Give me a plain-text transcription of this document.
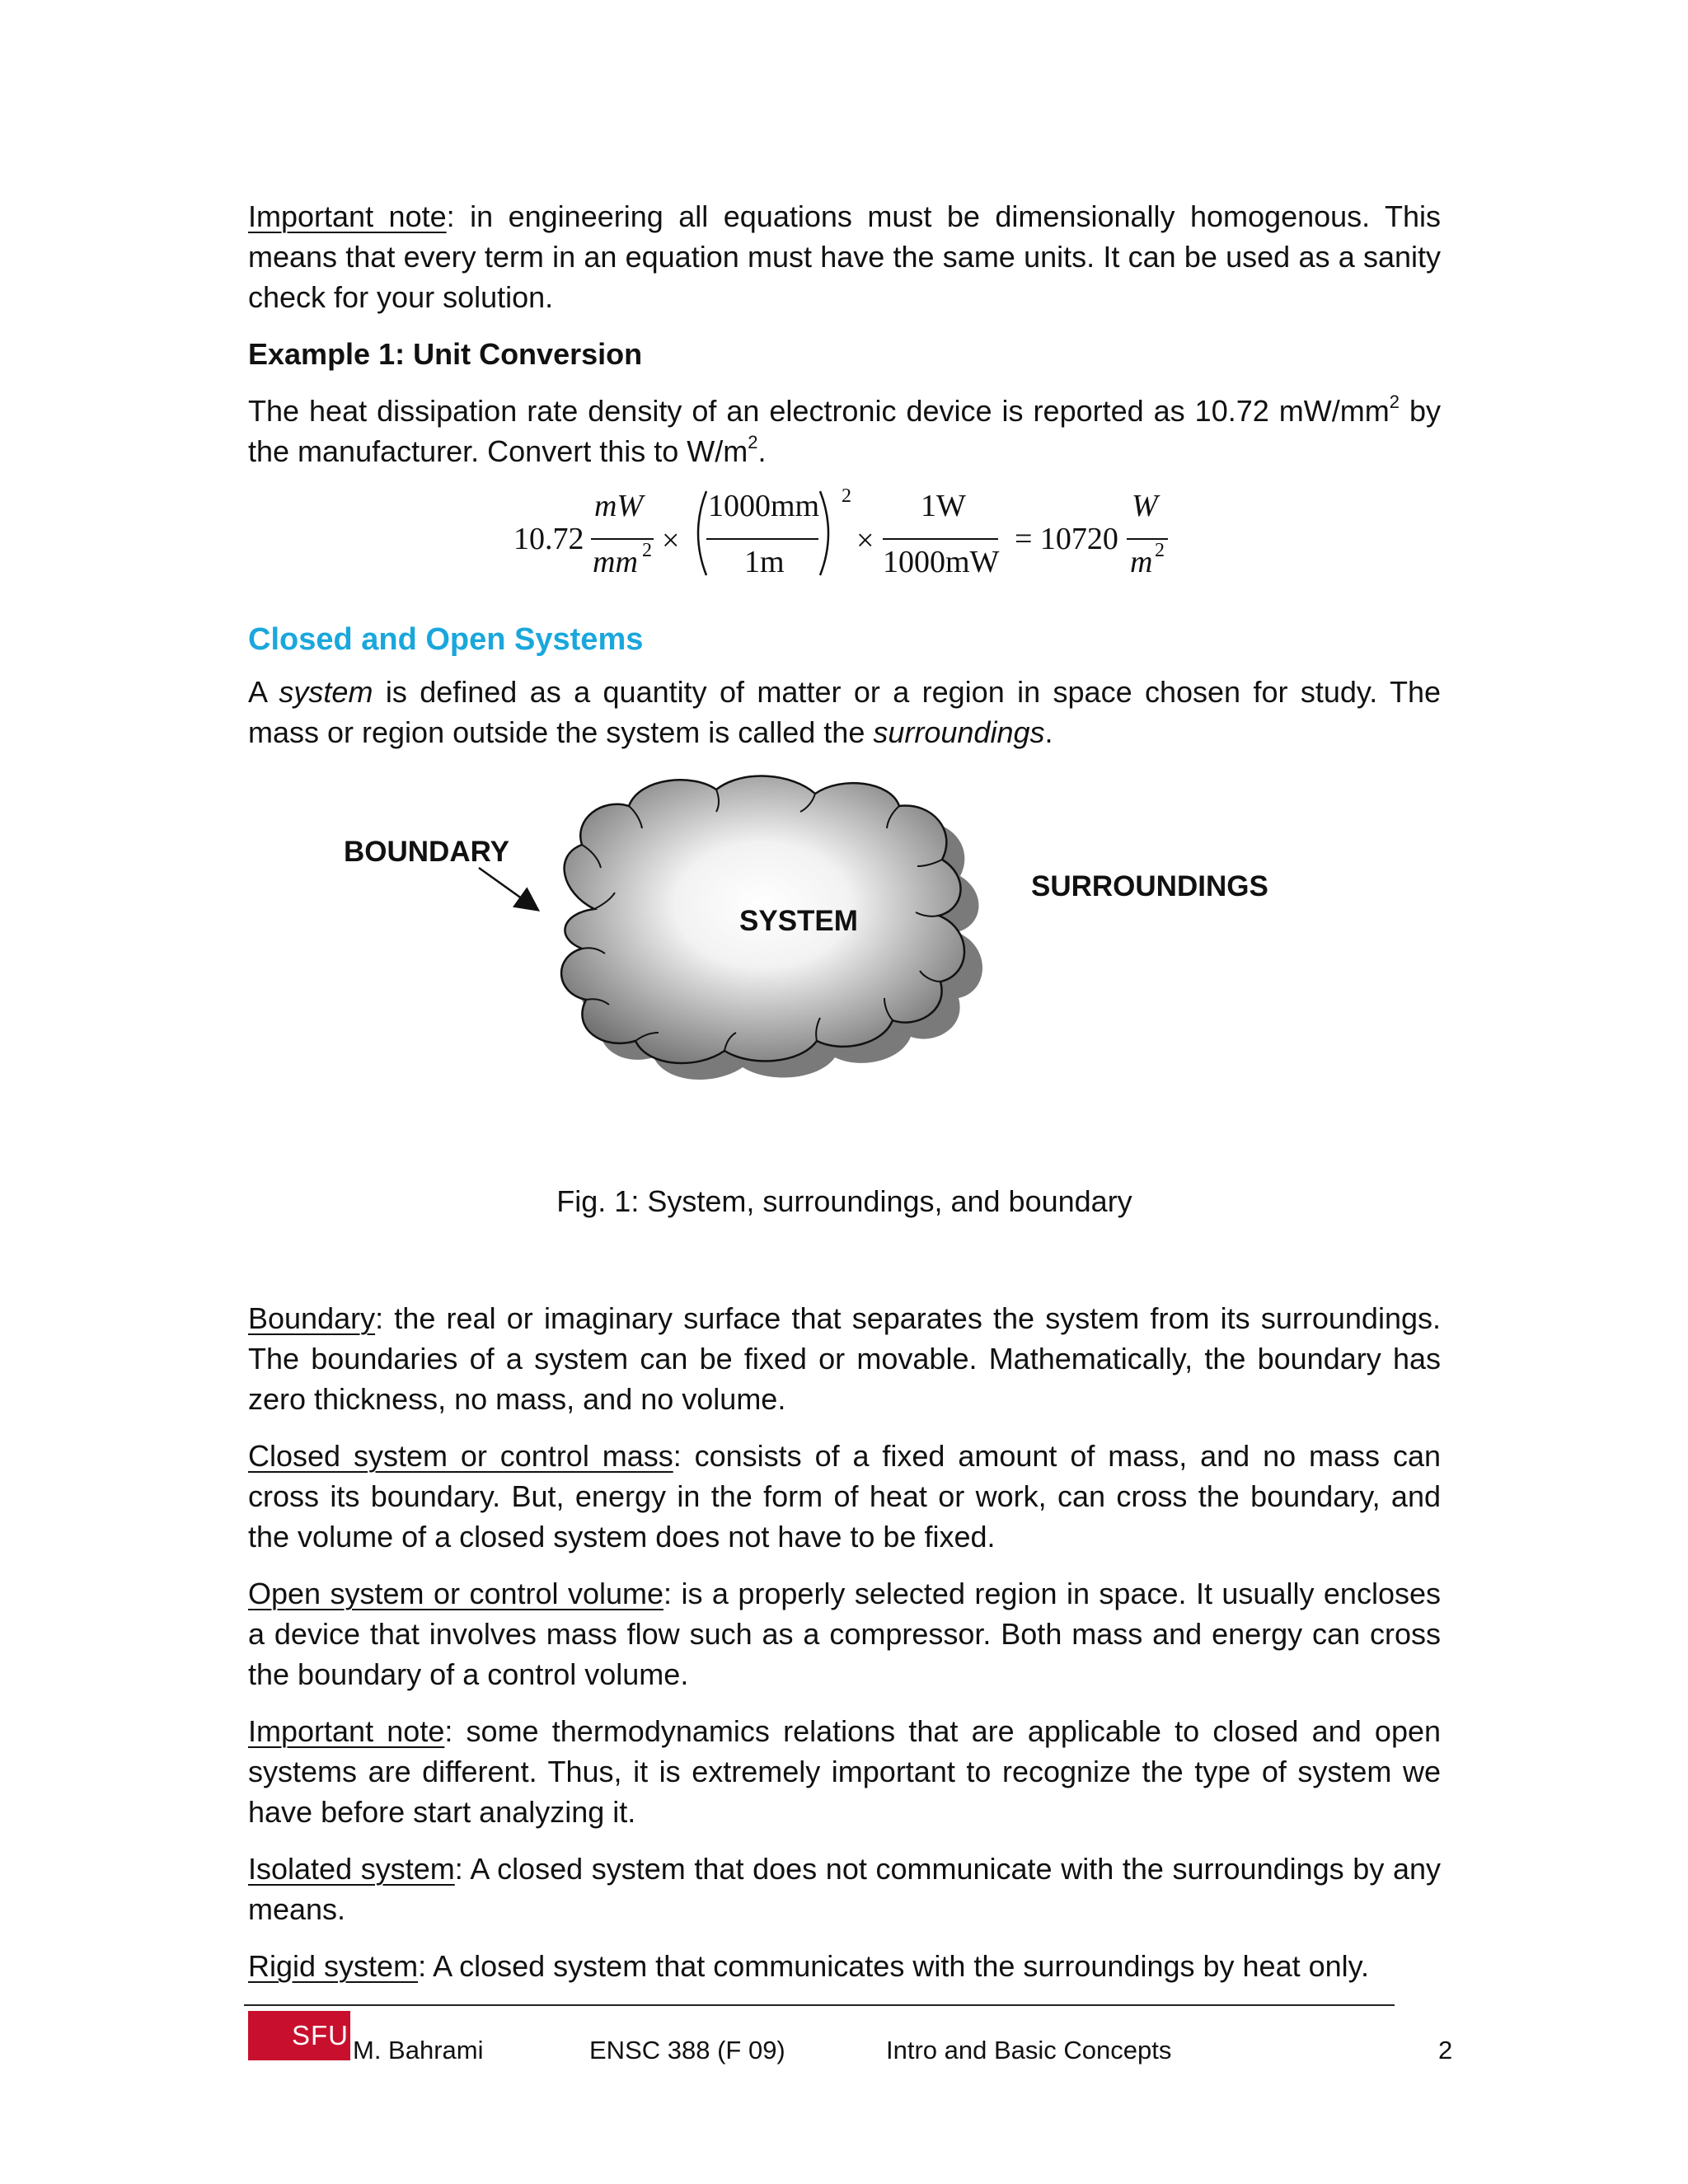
Important note: in engineering all equations must be dimensionally homogenous. This means that every term in an equation must have the same units. It can be used as a sanity check for your solution.

Example 1: Unit Conversion

The heat dissipation rate density of an electronic device is reported as 10.72 $mW/mm^2$ by the manufacturer. Convert this to $W/m^2$.

10.72
mW
mm 2 ×
1000mm
1m
2
×
1W
1000mW
= 10720
W
m 2
Closed and Open Systems

A system is defined as a quantity of matter or a region in space chosen for study. The mass or region outside the system is called the surroundings.

BOUNDARY
SYSTEM
SURROUNDINGS
Fig. 1: System, surroundings, and boundary

Boundary: the real or imaginary surface that separates the system from its surroundings. The boundaries of a system can be fixed or movable. Mathematically, the boundary has zero thickness, no mass, and no volume.

Closed system or control mass: consists of a fixed amount of mass, and no mass can cross its boundary. But, energy in the form of heat or work, can cross the boundary, and the volume of a closed system does not have to be fixed.

Open system or control volume: is a properly selected region in space. It usually encloses a device that involves mass flow such as a compressor. Both mass and energy can cross the boundary of a control volume.

Important note: some thermodynamics relations that are applicable to closed and open systems are different. Thus, it is extremely important to recognize the type of system we have before start analyzing it.

Isolated system: A closed system that does not communicate with the surroundings by any means.

Rigid system: A closed system that communicates with the surroundings by heat only.

SFU M. Bahrami	ENSC 388 (F 09)	Intro and Basic Concepts	2
